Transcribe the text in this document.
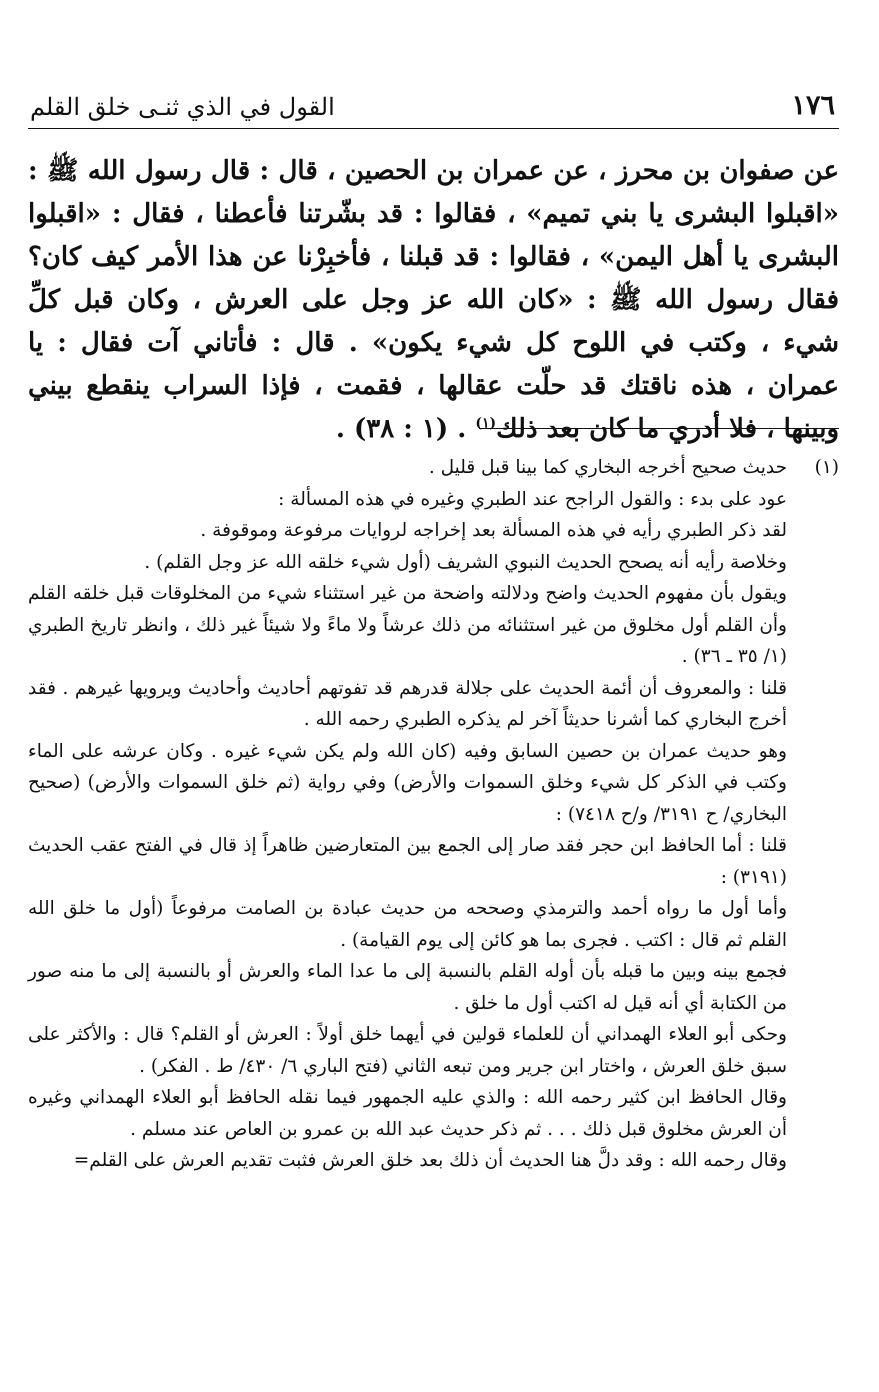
١٧٦
القول في الذي ثنـى خلق القلم

عن صفوان بن محرز ، عن عمران بن الحصين ، قال : قال رسول الله ﷺ : «اقبلوا البشرى يا بني تميم» ، فقالوا : قد بشّرتنا فأعطنا ، فقال : «اقبلوا البشرى يا أهل اليمن» ، فقالوا : قد قبلنا ، فأخبِرْنا عن هذا الأمر كيف كان؟ فقال رسول الله ﷺ : «كان الله عز وجل على العرش ، وكان قبل كلِّ شيء ، وكتب في اللوح كل شيء يكون» . قال : فأتاني آت فقال : يا عمران ، هذه ناقتك قد حلّت عقالها ، فقمت ، فإذا السراب ينقطع بيني وبينها ، فلا أدري ما كان بعد ذلك$^{(١)}$ . (١ : ٣٨) .

(١)

حديث صحيح أخرجه البخاري كما بينا قبل قليل .

عود على بدء : والقول الراجح عند الطبري وغيره في هذه المسألة :

لقد ذكر الطبري رأيه في هذه المسألة بعد إخراجه لروايات مرفوعة وموقوفة .

وخلاصة رأيه أنه يصحح الحديث النبوي الشريف (أول شيء خلقه الله عز وجل القلم) .

ويقول بأن مفهوم الحديث واضح ودلالته واضحة من غير استثناء شيء من المخلوقات قبل خلقه القلم وأن القلم أول مخلوق من غير استثنائه من ذلك عرشاً ولا ماءً ولا شيئاً غير ذلك ، وانظر تاريخ الطبري (١/ ٣٥ ـ ٣٦) .

قلنا : والمعروف أن أئمة الحديث على جلالة قدرهم قد تفوتهم أحاديث وأحاديث ويرويها غيرهم . فقد أخرج البخاري كما أشرنا حديثاً آخر لم يذكره الطبري رحمه الله .

وهو حديث عمران بن حصين السابق وفيه (كان الله ولم يكن شيء غيره . وكان عرشه على الماء وكتب في الذكر كل شيء وخلق السموات والأرض) وفي رواية (ثم خلق السموات والأرض) (صحيح البخاري/ ح ٣١٩١/ و/ح ٧٤١٨) :

قلنا : أما الحافظ ابن حجر فقد صار إلى الجمع بين المتعارضين ظاهراً إذ قال في الفتح عقب الحديث (٣١٩١) :

وأما أول ما رواه أحمد والترمذي وصححه من حديث عبادة بن الصامت مرفوعاً (أول ما خلق الله القلم ثم قال : اكتب . فجرى بما هو كائن إلى يوم القيامة) .

فجمع بينه وبين ما قبله بأن أوله القلم بالنسبة إلى ما عدا الماء والعرش أو بالنسبة إلى ما منه صور من الكتابة أي أنه قيل له اكتب أول ما خلق .

وحكى أبو العلاء الهمداني أن للعلماء قولين في أيهما خلق أولاً : العرش أو القلم؟ قال : والأكثر على سبق خلق العرش ، واختار ابن جرير ومن تبعه الثاني (فتح الباري ٦/ ٤٣٠/ ط . الفكر) .

وقال الحافظ ابن كثير رحمه الله : والذي عليه الجمهور فيما نقله الحافظ أبو العلاء الهمداني وغيره أن العرش مخلوق قبل ذلك . . . ثم ذكر حديث عبد الله بن عمرو بن العاص عند مسلم .

وقال رحمه الله : وقد دلَّ هنا الحديث أن ذلك بعد خلق العرش فثبت تقديم العرش على القلم=
